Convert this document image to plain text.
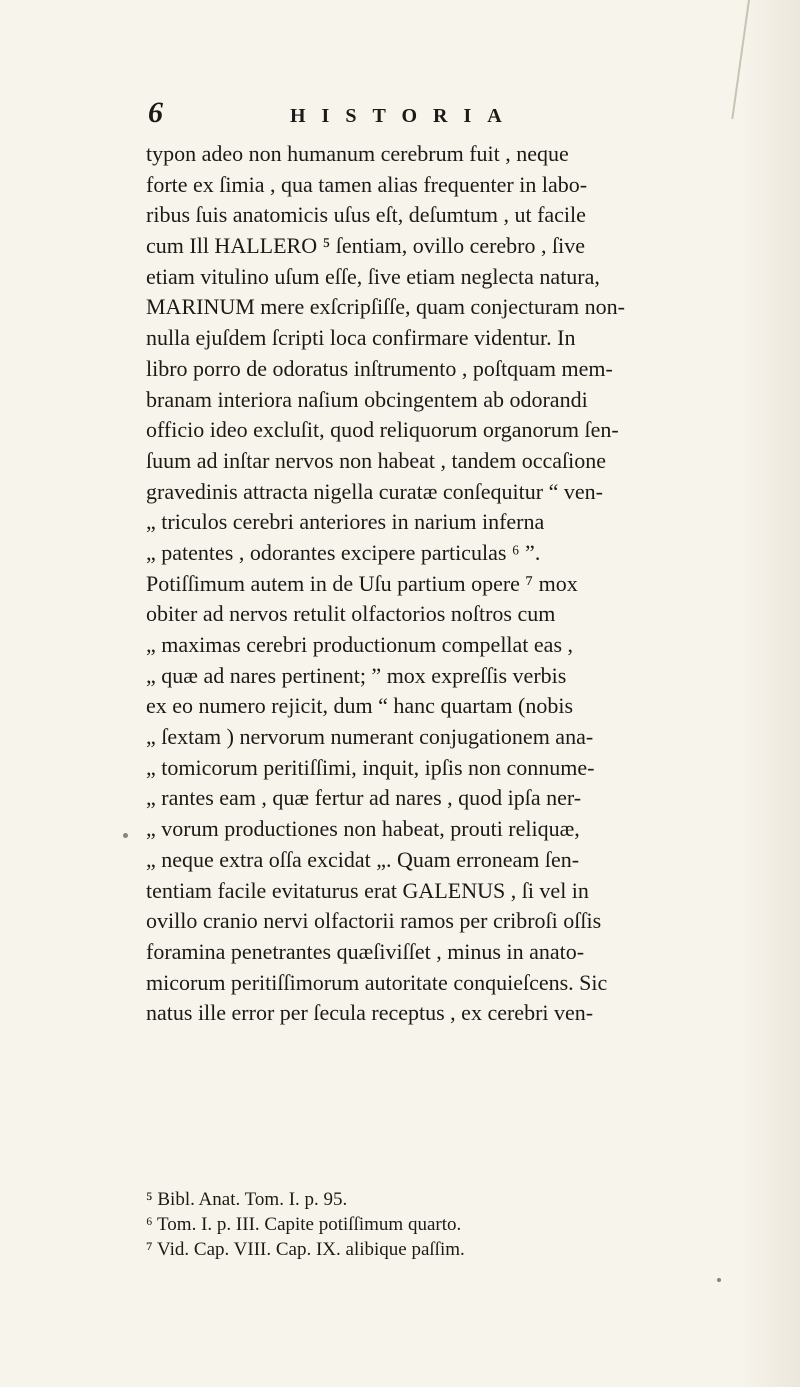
6	HISTORIA
typon adeo non humanum cerebrum fuit , neque
forte ex ſimia , qua tamen alias frequenter in labo-
ribus ſuis anatomicis uſus eſt, deſumtum , ut facile
cum Ill HALLERO ⁵ ſentiam, ovillo cerebro , ſive
etiam vitulino uſum eſſe, ſive etiam neglecta natura,
MARINUM mere exſcripſiſſe, quam conjecturam non-
nulla ejuſdem ſcripti loca confirmare videntur. In
libro porro de odoratus inſtrumento , poſtquam mem-
branam interiora naſium obcingentem ab odorandi
officio ideo excluſit, quod reliquorum organorum ſen-
ſuum ad inſtar nervos non habeat , tandem occaſione
gravedinis attracta nigella curatæ conſequitur “ ven-
„ triculos cerebri anteriores in narium inferna
„ patentes , odorantes excipere particulas ⁶ ”.
Potiſſimum autem in de Uſu partium opere ⁷ mox
obiter ad nervos retulit olfactorios noſtros cum
„ maximas cerebri productionum compellat eas ,
„ quæ ad nares pertinent; ” mox expreſſis verbis
ex eo numero rejicit, dum “ hanc quartam (nobis
„ ſextam ) nervorum numerant conjugationem ana-
„ tomicorum peritiſſimi, inquit, ipſis non connume-
„ rantes eam , quæ fertur ad nares , quod ipſa ner-
„ vorum productiones non habeat, prouti reliquæ,
„ neque extra oſſa excidat „. Quam erroneam ſen-
tentiam facile evitaturus erat GALENUS , ſi vel in
ovillo cranio nervi olfactorii ramos per cribroſi oſſis
foramina penetrantes quæſiviſſet , minus in anato-
micorum peritiſſimorum autoritate conquieſcens. Sic
natus ille error per ſecula receptus , ex cerebri ven-
⁵ Bibl. Anat. Tom. I. p. 95.
⁶ Tom. I. p. III. Capite potiſſimum quarto.
⁷ Vid. Cap. VIII. Cap. IX. alibique paſſim.
